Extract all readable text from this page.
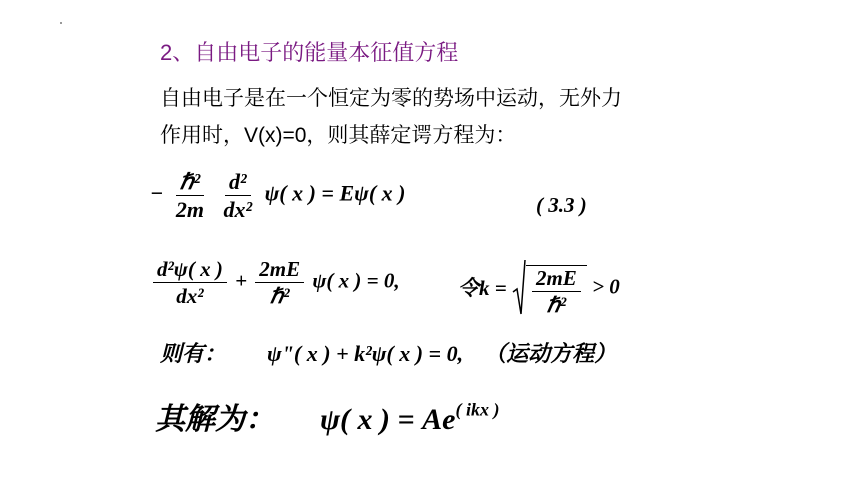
2、自由电子的能量本征值方程
自由电子是在一个恒定为零的势场中运动，无外力
作用时，V(x)=0，则其薛定谔方程为：
− $\frac{\text{ℏ²}}{2m}$
$\frac{\text{d²}}{\text{dx²}} \psi$( x ) = Eψ( x )	( 3.3 )
$\frac{\text{d²ψ( x )}}{\text{dx²}} + \frac{2mE}{\text{ℏ²}} \psi$( x ) = 0,	令$k = \frac{2mE}{\text{ℏ²}} > 0$
则有： ψ"( x ) + k²ψ( x ) = 0, （运动方程）
其解为： ψ( x ) = $Ae^{( ikx )}$
